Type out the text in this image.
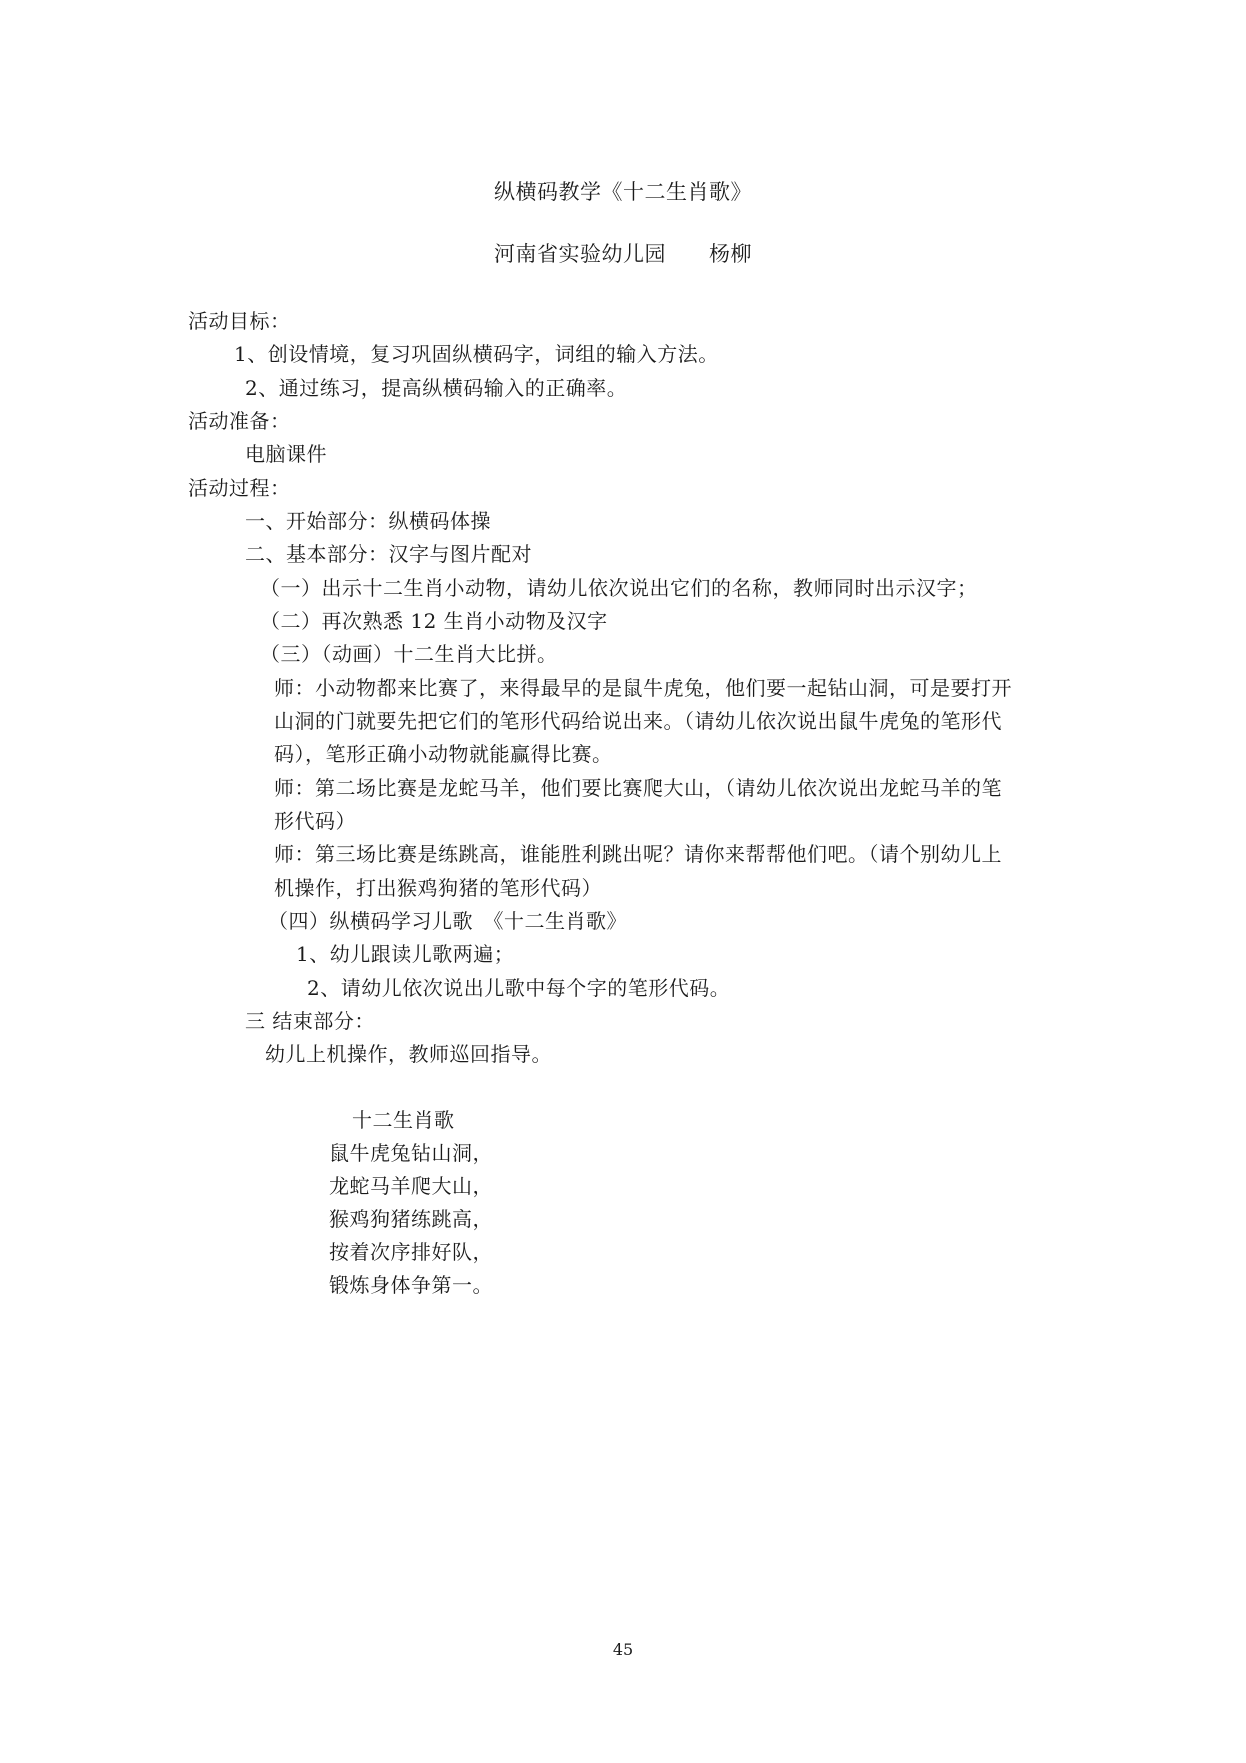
纵横码教学《十二生肖歌》
河南省实验幼儿园　　杨柳
活动目标：
1、创设情境，复习巩固纵横码字，词组的输入方法。
2、通过练习，提高纵横码输入的正确率。
活动准备：
电脑课件
活动过程：
一、开始部分：纵横码体操
二、基本部分：汉字与图片配对
（一）出示十二生肖小动物，请幼儿依次说出它们的名称，教师同时出示汉字；
（二）再次熟悉 12 生肖小动物及汉字
（三）（动画）十二生肖大比拼。
师：小动物都来比赛了，来得最早的是鼠牛虎兔，他们要一起钻山洞，可是要打开
山洞的门就要先把它们的笔形代码给说出来。（请幼儿依次说出鼠牛虎兔的笔形代
码），笔形正确小动物就能赢得比赛。
师：第二场比赛是龙蛇马羊，他们要比赛爬大山，（请幼儿依次说出龙蛇马羊的笔
形代码）
师：第三场比赛是练跳高，谁能胜利跳出呢？请你来帮帮他们吧。（请个别幼儿上
机操作，打出猴鸡狗猪的笔形代码）
（四）纵横码学习儿歌　《十二生肖歌》
1、幼儿跟读儿歌两遍；
2、请幼儿依次说出儿歌中每个字的笔形代码。
三 结束部分：
幼儿上机操作，教师巡回指导。
十二生肖歌
鼠牛虎兔钻山洞，
龙蛇马羊爬大山，
猴鸡狗猪练跳高，
按着次序排好队，
锻炼身体争第一。
45
